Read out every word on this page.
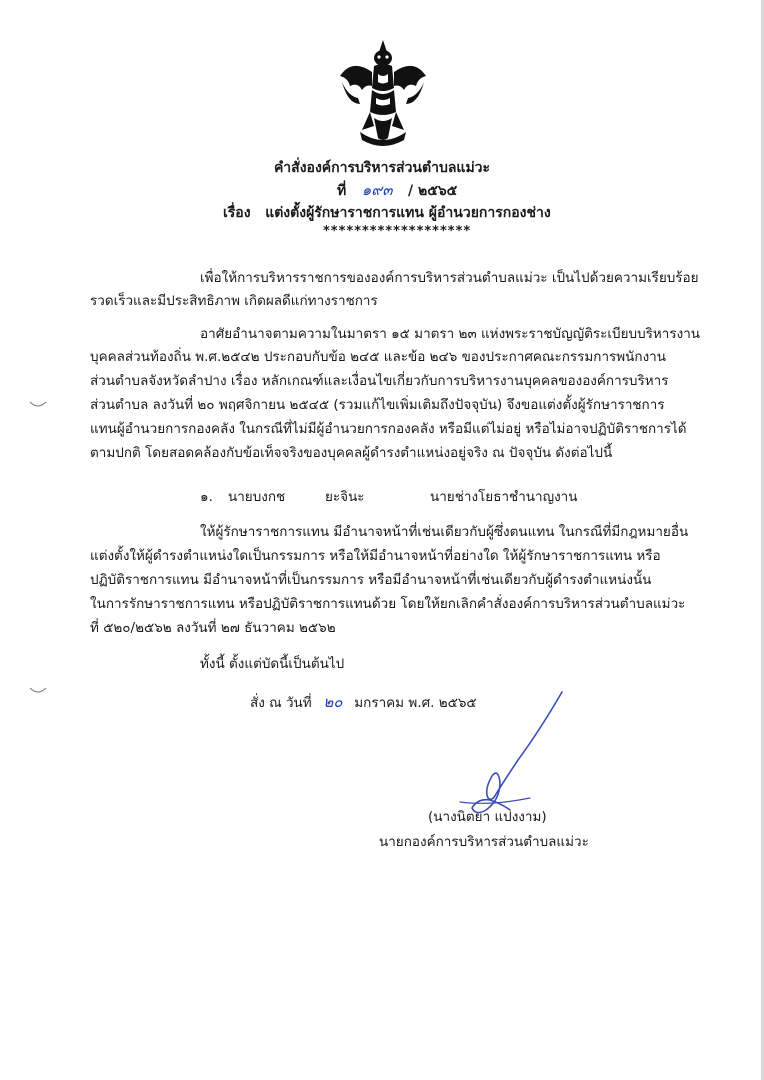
คำสั่งองค์การบริหารส่วนตำบลแม่วะ
ที่ ๑๙๓ / ๒๕๖๕
เรื่อง แต่งตั้งผู้รักษาราชการแทน ผู้อำนวยการกองช่าง
*******************
เพื่อให้การบริหารราชการขององค์การบริหารส่วนตำบลแม่วะ เป็นไปด้วยความเรียบร้อย
รวดเร็วและมีประสิทธิภาพ เกิดผลดีแก่ทางราชการ
อาศัยอำนาจตามความในมาตรา ๑๕ มาตรา ๒๓ แห่งพระราชบัญญัติระเบียบบริหารงาน
บุคคลส่วนท้องถิ่น พ.ศ.๒๕๔๒ ประกอบกับข้อ ๒๔๕ และข้อ ๒๔๖ ของประกาศคณะกรรมการพนักงาน
ส่วนตำบลจังหวัดลำปาง เรื่อง หลักเกณฑ์และเงื่อนไขเกี่ยวกับการบริหารงานบุคคลขององค์การบริหาร
ส่วนตำบล ลงวันที่ ๒๐ พฤศจิกายน ๒๕๔๕ (รวมแก้ไขเพิ่มเติมถึงปัจจุบัน) จึงขอแต่งตั้งผู้รักษาราชการ
แทนผู้อำนวยการกองคลัง ในกรณีที่ไม่มีผู้อำนวยการกองคลัง หรือมีแต่ไม่อยู่ หรือไม่อาจปฏิบัติราชการได้
ตามปกติ โดยสอดคล้องกับข้อเท็จจริงของบุคคลผู้ดำรงตำแหน่งอยู่จริง ณ ปัจจุบัน ดังต่อไปนี้
๑. นายบงกช	ยะจินะ	นายช่างโยธาชำนาญงาน
ให้ผู้รักษาราชการแทน มีอำนาจหน้าที่เช่นเดียวกับผู้ซึ่งตนแทน ในกรณีที่มีกฎหมายอื่น
แต่งตั้งให้ผู้ดำรงตำแหน่งใดเป็นกรรมการ หรือให้มีอำนาจหน้าที่อย่างใด ให้ผู้รักษาราชการแทน หรือ
ปฏิบัติราชการแทน มีอำนาจหน้าที่เป็นกรรมการ หรือมีอำนาจหน้าที่เช่นเดียวกับผู้ดำรงตำแหน่งนั้น
ในการรักษาราชการแทน หรือปฏิบัติราชการแทนด้วย โดยให้ยกเลิกคำสั่งองค์การบริหารส่วนตำบลแม่วะ
ที่ ๕๒๐/๒๕๖๒ ลงวันที่ ๒๗ ธันวาคม ๒๕๖๒
ทั้งนี้ ตั้งแต่บัดนี้เป็นต้นไป
สั่ง ณ วันที่ ๒๐ มกราคม พ.ศ. ๒๕๖๕
(นางนิตยา แปงงาม)
นายกองค์การบริหารส่วนตำบลแม่วะ
